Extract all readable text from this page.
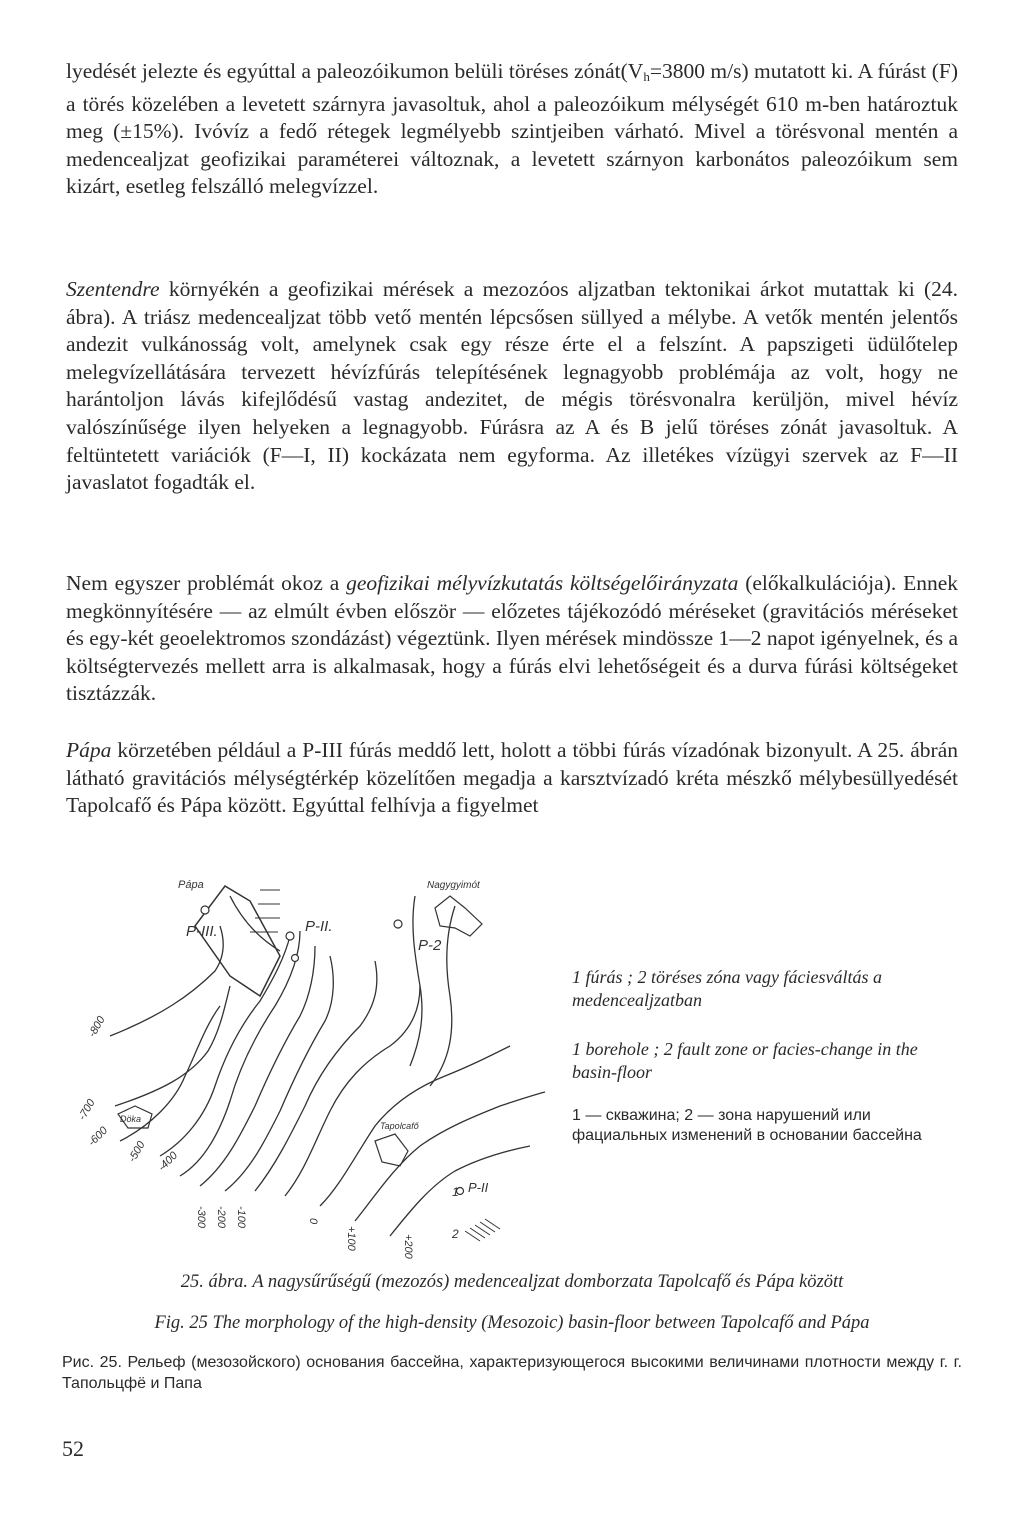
lyedését jelezte és egyúttal a paleozóikumon belüli töréses $zónát(V_h=3800$ m/s) mutatott ki. A fúrást (F) a törés közelében a levetett szárnyra javasoltuk, ahol a paleozóikum mélységét 610 m-ben határoztuk meg (±15%). Ivóvíz a fedő rétegek legmélyebb szintjeiben várható. Mivel a törésvonal mentén a medencealjzat geofizikai paraméterei változnak, a levetett szárnyon karbonátos paleozóikum sem kizárt, esetleg felszálló melegvízzel.

Szentendre környékén a geofizikai mérések a mezozóos aljzatban tektonikai árkot mutattak ki (24. ábra). A triász medencealjzat több vető mentén lépcsősen süllyed a mélybe. A vetők mentén jelentős andezit vulkánosság volt, amelynek csak egy része érte el a felszínt. A papszigeti üdülőtelep melegvízellátására tervezett hévízfúrás telepítésének legnagyobb problémája az volt, hogy ne harántoljon lávás kifejlődésű vastag andezitet, de mégis törésvonalra kerüljön, mivel hévíz valószínűsége ilyen helyeken a legnagyobb. Fúrásra az A és B jelű töréses zónát javasoltuk. A feltüntetett variációk (F—I, II) kockázata nem egyforma. Az illetékes vízügyi szervek az F—II javaslatot fogadták el.

Nem egyszer problémát okoz a geofizikai mélyvízkutatás költségelőirányzata (előkalkulációja). Ennek megkönnyítésére — az elmúlt évben először — előzetes tájékozódó méréseket (gravitációs méréseket és egy-két geoelektromos szondázást) végeztünk. Ilyen mérések mindössze 1—2 napot igényelnek, és a költségtervezés mellett arra is alkalmasak, hogy a fúrás elvi lehetőségeit és a durva fúrási költségeket tisztázzák.

Pápa körzetében például a P-III fúrás meddő lett, holott a többi fúrás vízadónak bizonyult. A 25. ábrán látható gravitációs mélységtérkép közelítően megadja a karsztvízadó kréta mészkő mélybesüllyedését Tapolcafő és Pápa között. Egyúttal felhívja a figyelmet

Pápa	Nagygyimót
Tapolcafő
Döka
P-III.	P-II.
P-2
P-II
-800
-700
-600
-500 -400
-300 -200 -100	0
+100	+200
1
2

1 fúrás ; 2 töréses zóna vagy fáciesváltás a medencealjzatban

1 borehole ; 2 fault zone or facies-change in the basin-floor

1 — скважина; 2 — зона нарушений или фациальных изменений в основании бассейна

25. ábra. A nagysűrűségű (mezozós) medencealjzat domborzata Tapolcafő és Pápa között

Fig. 25 The morphology of the high-density (Mesozoic) basin-floor between Tapolcafő and Pápa

Рис. 25. Рельеф (мезозойского) основания бассейна, характеризующегося высокими величинами плотности между г. г. Тапольцфё и Папа

52
